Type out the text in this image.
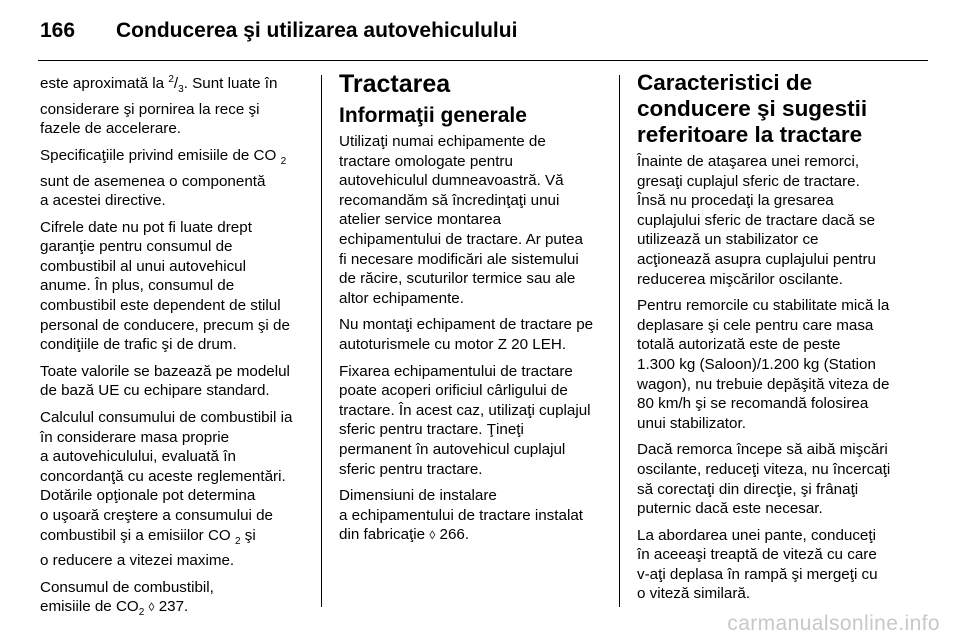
166 Conducerea şi utilizarea autovehiculului

este aproximată la $^2/_3$. Sunt luate în
considerare şi pornirea la rece şi
fazele de accelerare.

Specificaţiile privind emisiile de CO $_2$
sunt de asemenea o componentă
a acestei directive.

Cifrele date nu pot fi luate drept
garanţie pentru consumul de
combustibil al unui autovehicul
anume. În plus, consumul de
combustibil este dependent de stilul
personal de conducere, precum şi de
condiţiile de trafic şi de drum.

Toate valorile se bazează pe modelul
de bază UE cu echipare standard.

Calculul consumului de combustibil ia
în considerare masa proprie
a autovehiculului, evaluată în
concordanţă cu aceste reglementări.
Dotările opţionale pot determina
o uşoară creştere a consumului de
combustibil şi a emisiilor CO $_2$ şi
o reducere a vitezei maxime.

Consumul de combustibil,
emisiile de $CO_2$ ◊ 237.

Tractarea
Informaţii generale

Utilizaţi numai echipamente de
tractare omologate pentru
autovehiculul dumneavoastră. Vă
recomandăm să încredinţaţi unui
atelier service montarea
echipamentului de tractare. Ar putea
fi necesare modificări ale sistemului
de răcire, scuturilor termice sau ale
altor echipamente.

Nu montaţi echipament de tractare pe
autoturismele cu motor Z 20 LEH.

Fixarea echipamentului de tractare
poate acoperi orificiul cârligului de
tractare. În acest caz, utilizaţi cuplajul
sferic pentru tractare. Ţineţi
permanent în autovehicul cuplajul
sferic pentru tractare.

Dimensiuni de instalare
a echipamentului de tractare instalat
din fabricaţie ◊ 266.

Caracteristici de
conducere şi sugestii
referitoare la tractare

Înainte de ataşarea unei remorci,
gresaţi cuplajul sferic de tractare.
Însă nu procedaţi la gresarea
cuplajului sferic de tractare dacă se
utilizează un stabilizator ce
acţionează asupra cuplajului pentru
reducerea mişcărilor oscilante.

Pentru remorcile cu stabilitate mică la
deplasare şi cele pentru care masa
totală autorizată este de peste
1.300 kg (Saloon)/1.200 kg (Station
wagon), nu trebuie depăşită viteza de
80 km/h şi se recomandă folosirea
unui stabilizator.

Dacă remorca începe să aibă mişcări
oscilante, reduceţi viteza, nu încercaţi
să corectaţi din direcţie, şi frânaţi
puternic dacă este necesar.

La abordarea unei pante, conduceţi
în aceeaşi treaptă de viteză cu care
v-aţi deplasa în rampă şi mergeţi cu
o viteză similară.

carmanualsonline.info
